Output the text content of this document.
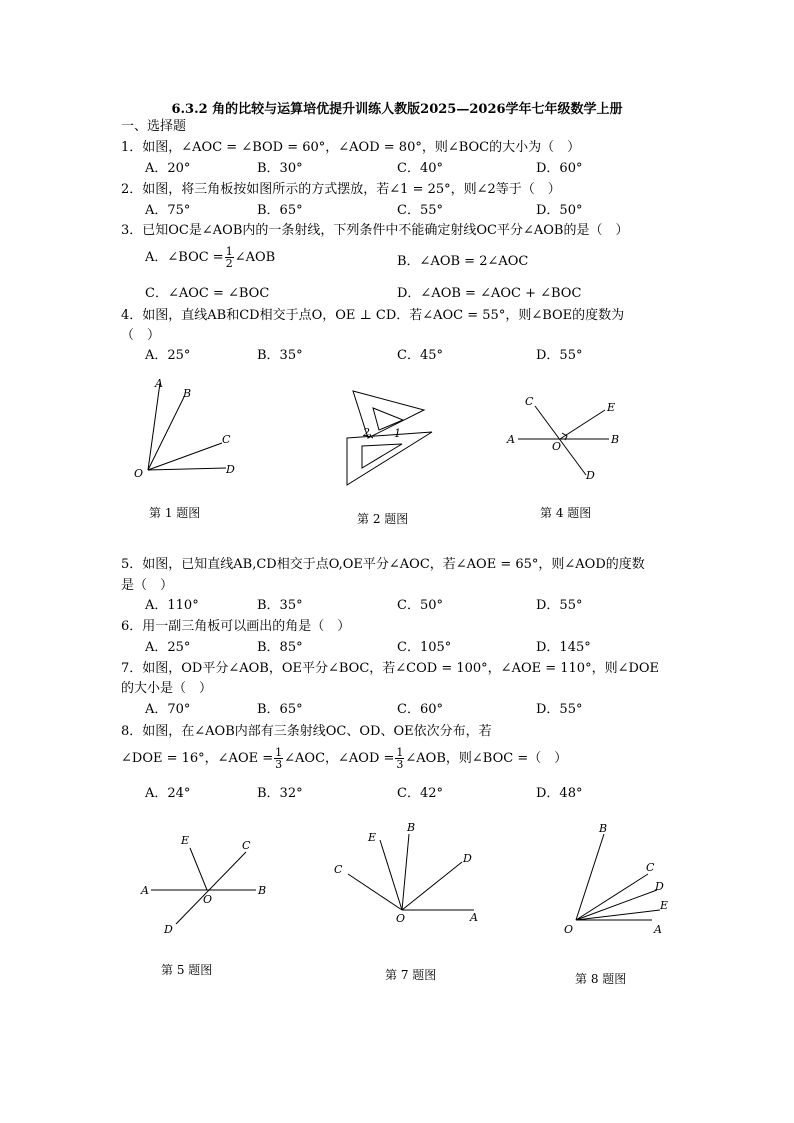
6.3.2 角的比较与运算培优提升训练人教版2025—2026学年七年级数学上册
一、选择题
1．如图，∠AOC = ∠BOD = 60°，∠AOD = 80°，则∠BOC的大小为（　）
A．20°	B．30°	C．40°	D．60°
2．如图，将三角板按如图所示的方式摆放，若∠1 = 25°，则∠2等于（　）
A．75°	B．65°	C．55°	D．50°
3．已知OC是∠AOB内的一条射线，下列条件中不能确定射线OC平分∠AOB的是（　）
A．∠BOC = $\frac{1}{2}$ ∠AOB	B．∠AOB = 2∠AOC
C．∠AOC = ∠BOC	D．∠AOB = ∠AOC + ∠BOC
4．如图，直线AB和CD相交于点O，OE ⊥ CD．若∠AOC = 55°，则∠BOE的度数为
（　）
A．25°	B．35°	C．45°	D．55°
A
B
C
D
O
第 1 题图
2 1
第 2 题图
C	E
A	B
O
D
第 4 题图
5．如图，已知直线AB,CD相交于点O,OE平分∠AOC，若∠AOE = 65°，则∠AOD的度数
是（　）
A．110°	B．35°	C．50°	D．55°
6．用一副三角板可以画出的角是（　）
A．25°	B．85°	C．105°	D．145°
7．如图，OD平分∠AOB，OE平分∠BOC，若∠COD = 100°，∠AOE = 110°，则∠DOE
的大小是（　）
A．70°	B．65°	C．60°	D．55°
8．如图，在∠AOB内部有三条射线OC、OD、OE依次分布，若
∠DOE = 16°，∠AOE = $\frac{1}{3}$ ∠AOC，∠AOD = $\frac{1}{3}$ ∠AOB，则∠BOC =（　）
A．24°	B．32°	C．42°	D．48°
E	C
A	B
O
D
第 5 题图
E
B
D
C
O	A
第 7 题图
B
C
D
E
O	A
第 8 题图
